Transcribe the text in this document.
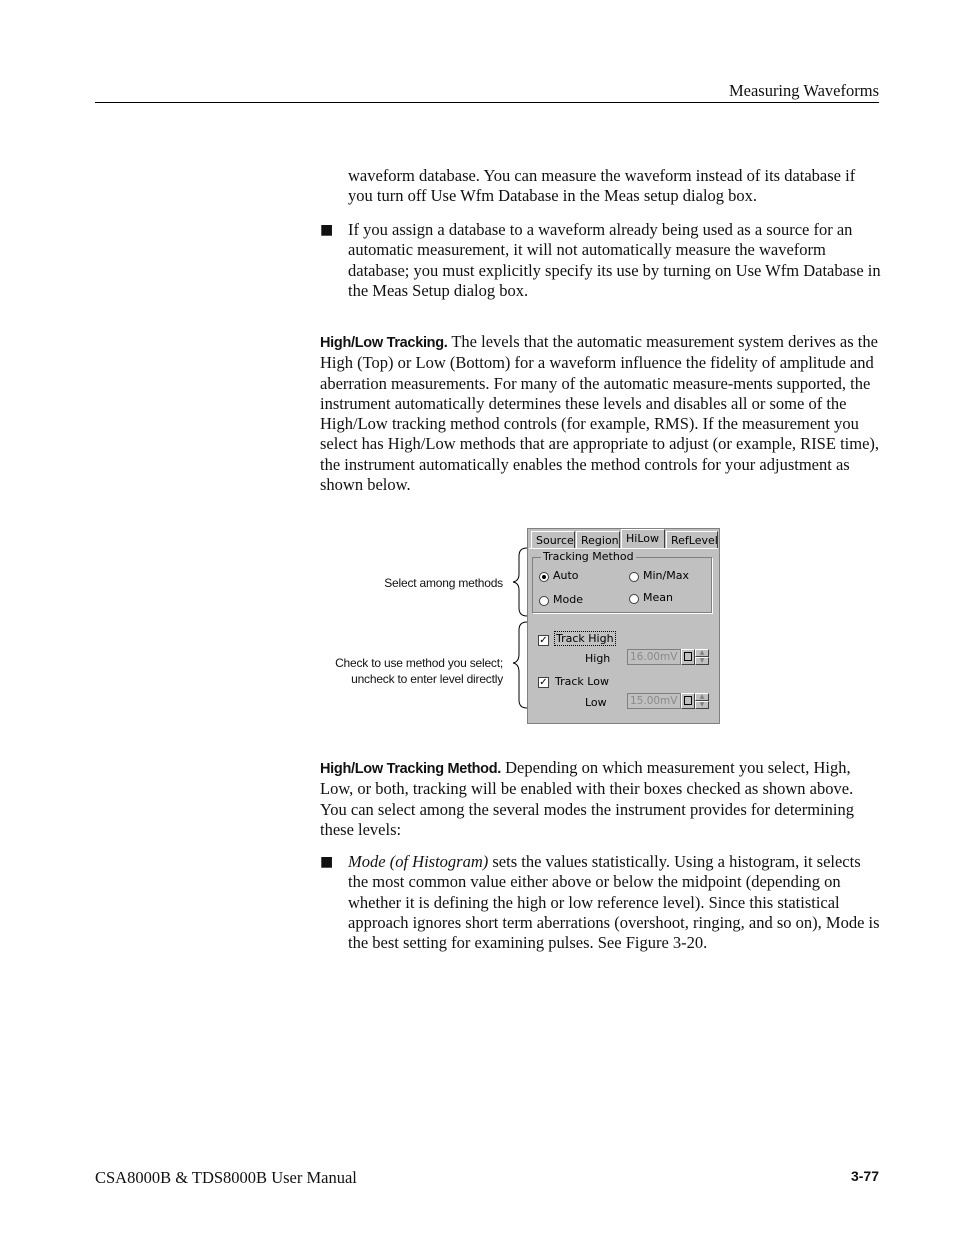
Measuring Waveforms
waveform database. You can measure the waveform instead of its database if you turn off Use Wfm Database in the Meas setup dialog box.
■ If you assign a database to a waveform already being used as a source for an automatic measurement, it will not automatically measure the waveform database; you must explicitly specify its use by turning on Use Wfm Database in the Meas Setup dialog box.
High/Low Tracking. The levels that the automatic measurement system derives as the High (Top) or Low (Bottom) for a waveform influence the fidelity of amplitude and aberration measurements. For many of the automatic measure-ments supported, the instrument automatically determines these levels and disables all or some of the High/Low tracking method controls (for example, RMS). If the measurement you select has High/Low methods that are appropriate to adjust (or example, RISE time), the instrument automatically enables the method controls for your adjustment as shown below.
Select among methods
Check to use method you select;
uncheck to enter level directly
Source Region HiLow	RefLevel
Tracking Method
Auto	Min/Max
Mode	Mean
✓ Track High
High 16.00mV	▲
▼
✓ Track Low
Low 15.00mV	▲
▼
High/Low Tracking Method. Depending on which measurement you select, High, Low, or both, tracking will be enabled with their boxes checked as shown above. You can select among the several modes the instrument provides for determining these levels:
■ Mode (of Histogram) sets the values statistically. Using a histogram, it selects the most common value either above or below the midpoint (depending on whether it is defining the high or low reference level). Since this statistical approach ignores short term aberrations (overshoot, ringing, and so on), Mode is the best setting for examining pulses. See Figure 3-20.
CSA8000B & TDS8000B User Manual	3-77
